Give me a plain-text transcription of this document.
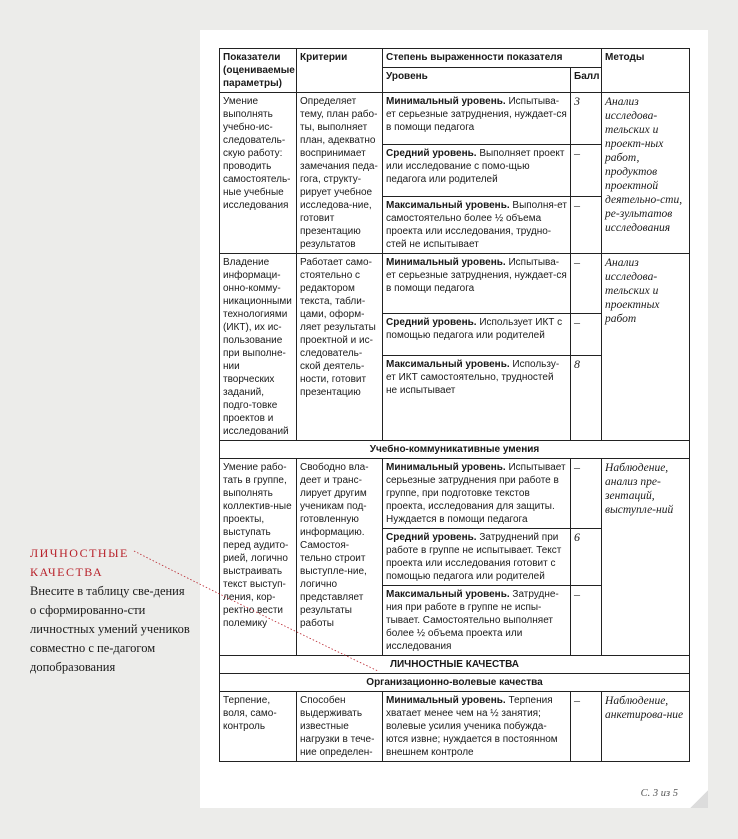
Показатели (оцениваемые параметры)	Критерии	Степень выраженности показателя		Методы
		Уровень	Балл	
Умение выполнять учебно-ис-следователь-скую работу: проводить самостоятель-ные учебные исследования	Определяет тему, план рабо-ты, выполняет план, адекватно воспринимает замечания педа-гога, структу-рирует учебное исследова-ние, готовит презентацию результатов	Минимальный уровень. Испытыва-ет серьезные затруднения, нуждает-ся в помощи педагога	3	Анализ исследова-тельских и проект-ных работ, продуктов проектной деятельно-сти, ре-зультатов исследования
		Средний уровень. Выполняет проект или исследование с помо-щью педагога или родителей	–	
		Максимальный уровень. Выполня-ет самостоятельно более ½ объема проекта или исследования, трудно-стей не испытывает	–	
Владение информаци-онно-комму-никационными технологиями (ИКТ), их ис-пользование при выполне-нии творческих заданий, подго-товке проектов и исследований	Работает само-стоятельно с редактором текста, табли-цами, оформ-ляет результаты проектной и ис-следователь-ской деятель-ности, готовит презентацию	Минимальный уровень. Испытыва-ет серьезные затруднения, нуждает-ся в помощи педагога	–	Анализ исследова-тельских и проектных работ
		Средний уровень. Использует ИКТ с помощью педагога или родителей	–	
		Максимальный уровень. Использу-ет ИКТ самостоятельно, трудностей не испытывает	8	
Учебно-коммуникативные умения				
Умение рабо-тать в группе, выполнять коллектив-ные проекты, выступать перед аудито-рией, логично выстраивать текст выступ-ления, кор-ректно вести полемику	Свободно вла-деет и транс-лирует другим ученикам под-готовленную информацию. Самостоя-тельно строит выступле-ние, логично представляет результаты работы	Минимальный уровень. Испытывает серьезные затруднения при работе в группе, при подготовке текстов проекта, исследования для защиты. Нуждается в помощи педагога	–	Наблюдение, анализ пре-зентаций, выступле-ний
		Средний уровень. Затруднений при работе в группе не испытывает. Текст проекта или исследования готовит с помощью педагога или родителей	6	
		Максимальный уровень. Затрудне-ния при работе в группе не испы-тывает. Самостоятельно выполняет более ½ объема проекта или исследования	–	
ЛИЧНОСТНЫЕ КАЧЕСТВА				
Организационно-волевые качества				
Терпение, воля, само-контроль	Способен выдерживать известные нагрузки в тече-ние определен-	Минимальный уровень. Терпения хватает менее чем на ½ занятия; волевые усилия ученика побужда-ются извне; нуждается в постоянном внешнем контроле	–	Наблюдение, анкетирова-ние

ЛИЧНОСТНЫЕ КАЧЕСТВА

Внесите в таблицу све-дения о сформированно-сти личностных умений учеников совместно с пе-дагогом допобразования

С. 3 из 5
